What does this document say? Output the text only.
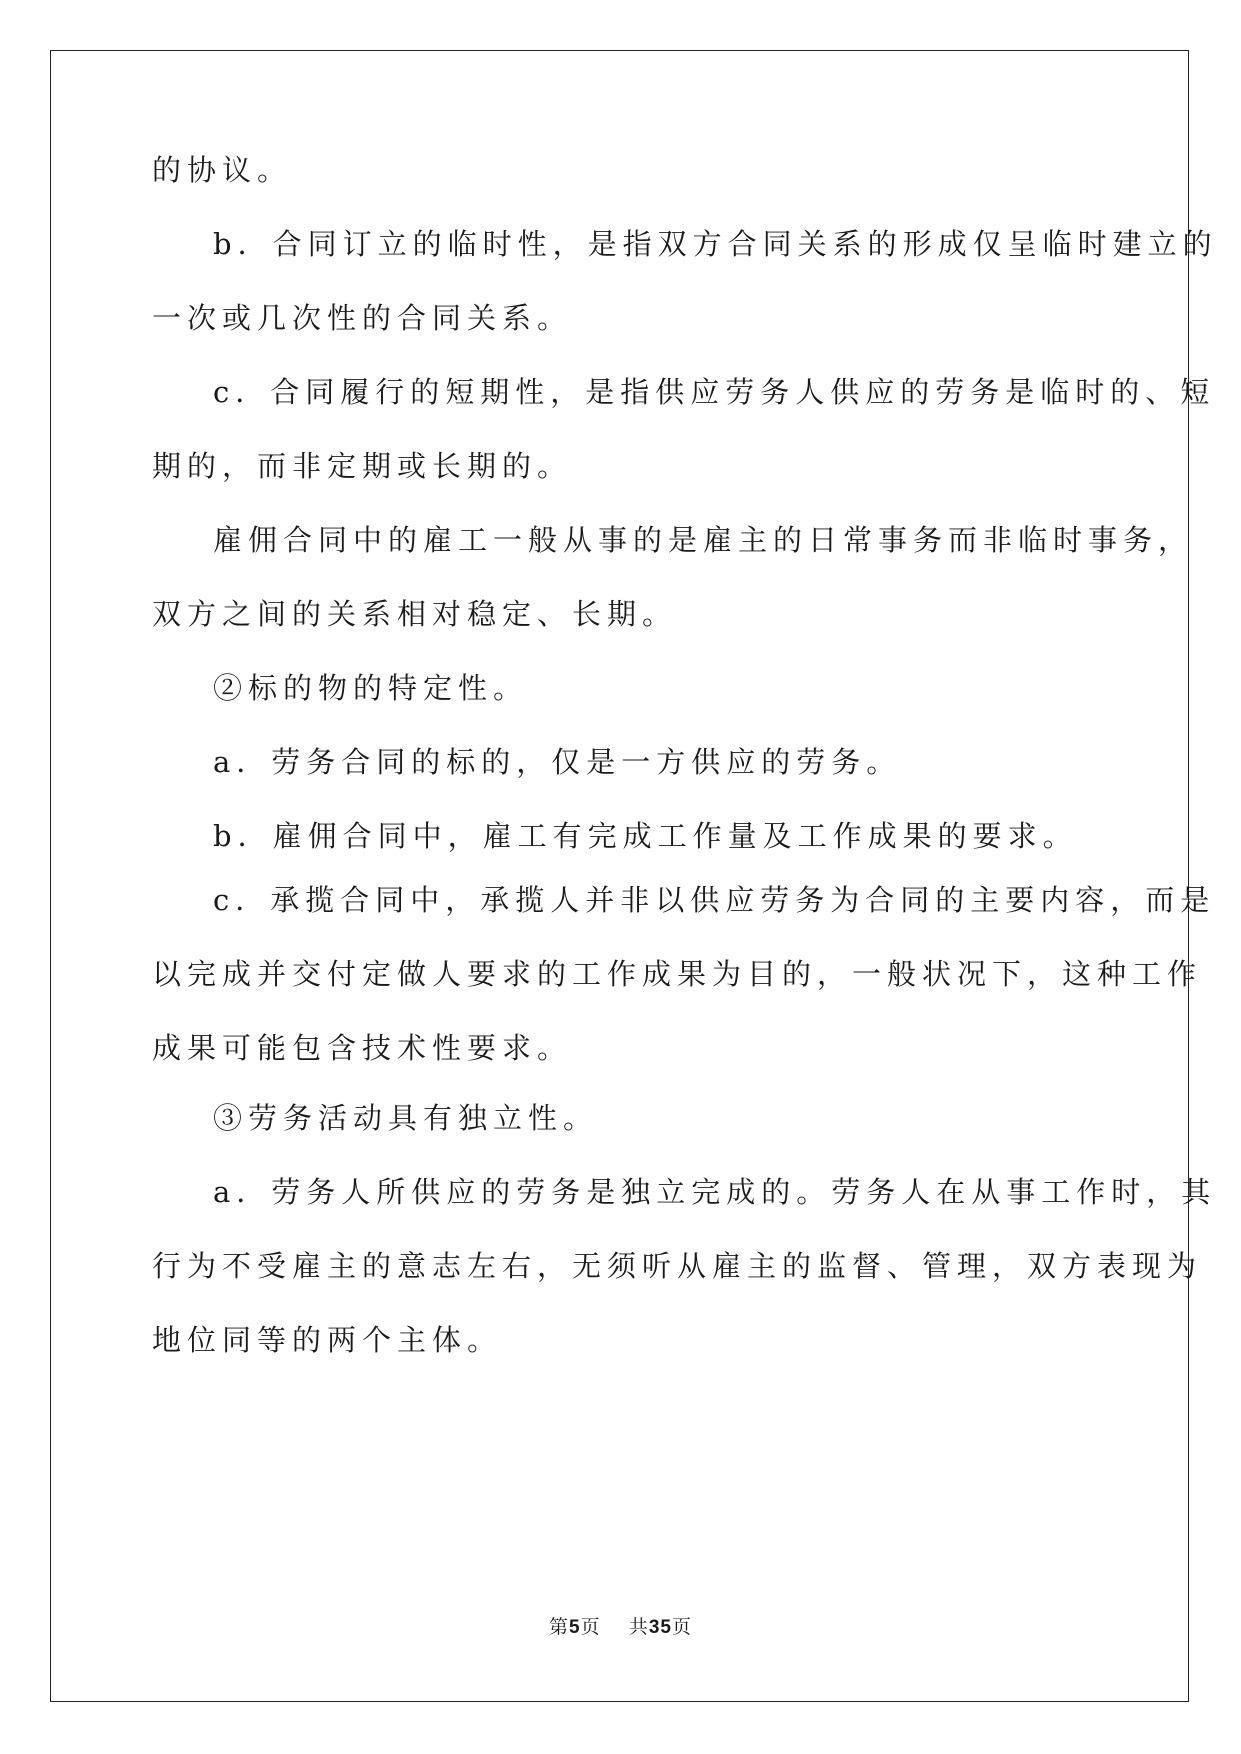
的协议。
b．合同订立的临时性，是指双方合同关系的形成仅呈临时建立的
一次或几次性的合同关系。
c．合同履行的短期性，是指供应劳务人供应的劳务是临时的、短
期的，而非定期或长期的。
雇佣合同中的雇工一般从事的是雇主的日常事务而非临时事务，
双方之间的关系相对稳定、长期。
②标的物的特定性。
a．劳务合同的标的，仅是一方供应的劳务。
b．雇佣合同中，雇工有完成工作量及工作成果的要求。
c．承揽合同中，承揽人并非以供应劳务为合同的主要内容，而是
以完成并交付定做人要求的工作成果为目的，一般状况下，这种工作
成果可能包含技术性要求。
③劳务活动具有独立性。
a．劳务人所供应的劳务是独立完成的。劳务人在从事工作时，其
行为不受雇主的意志左右，无须听从雇主的监督、管理，双方表现为
地位同等的两个主体。
第5页 共35页
